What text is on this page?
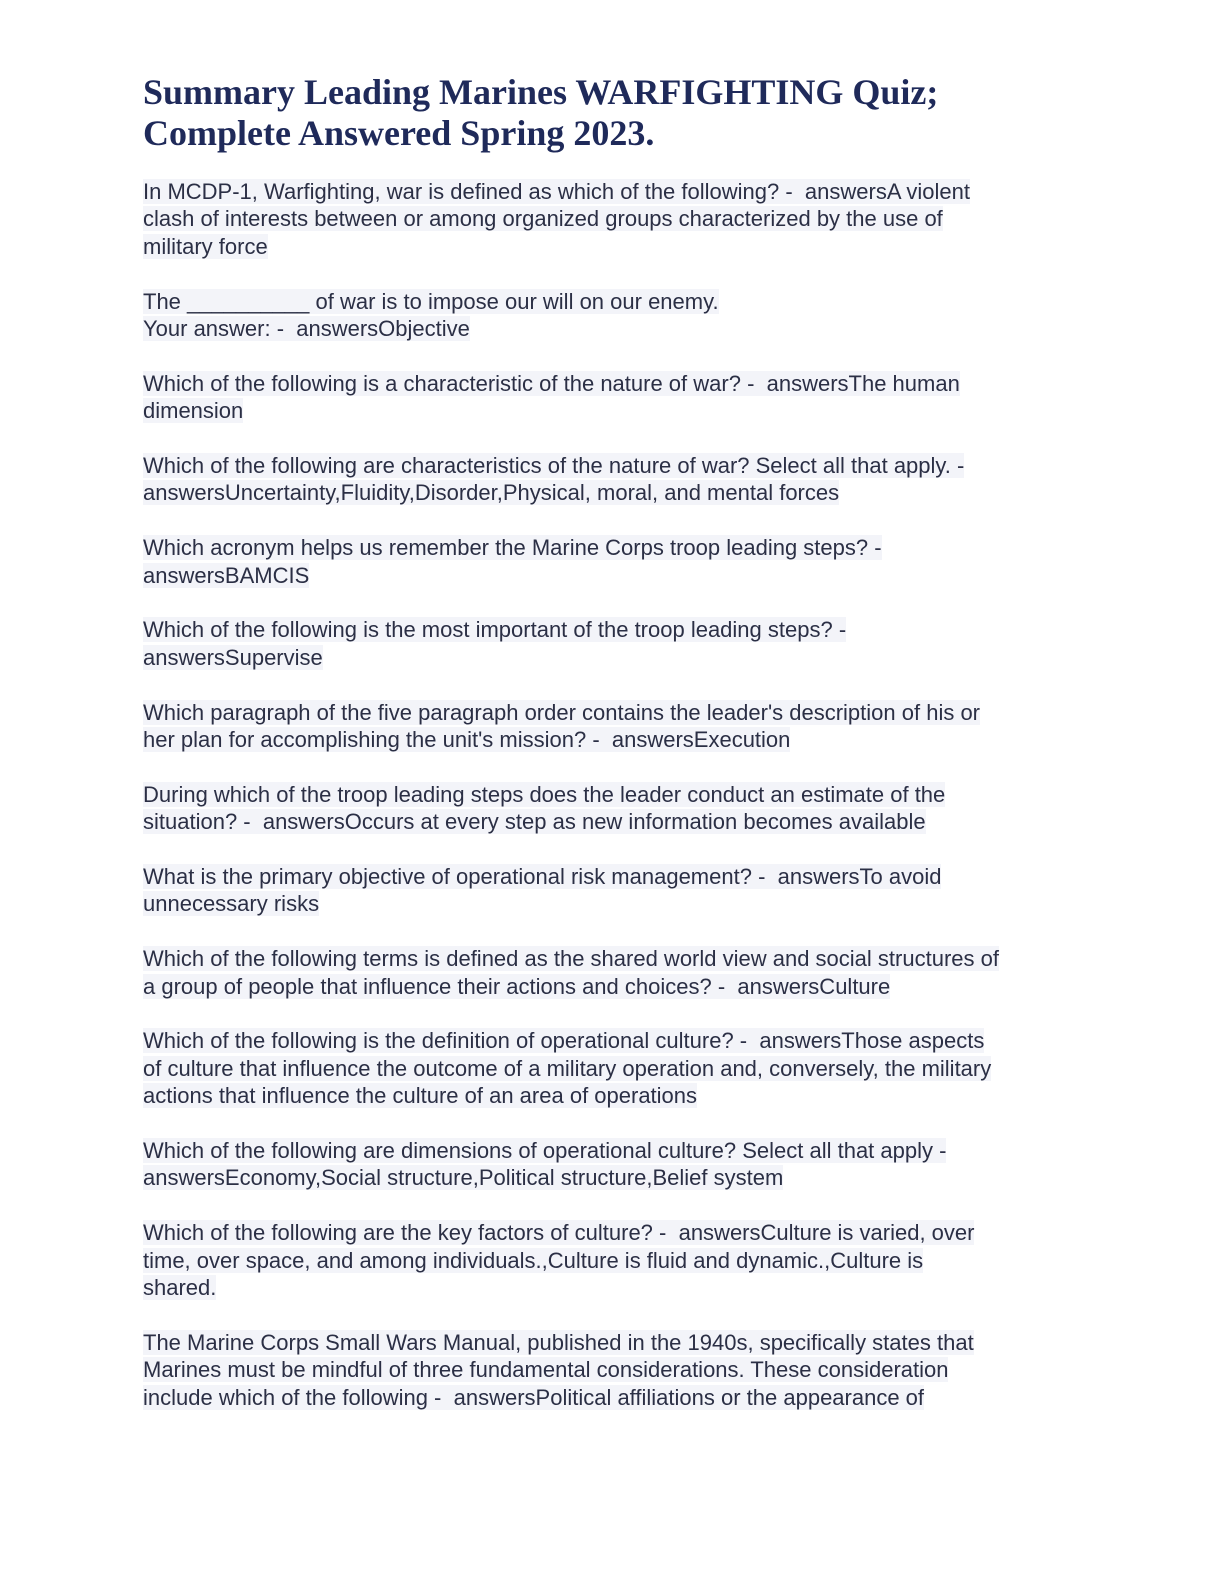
Summary Leading Marines WARFIGHTING Quiz;
Complete Answered Spring 2023.
In MCDP-1, Warfighting, war is defined as which of the following? -  answersA violent
clash of interests between or among organized groups characterized by the use of
military force
The __________ of war is to impose our will on our enemy.
Your answer: -  answersObjective
Which of the following is a characteristic of the nature of war? -  answersThe human
dimension
Which of the following are characteristics of the nature of war? Select all that apply. -
answersUncertainty,Fluidity,Disorder,Physical, moral, and mental forces
Which acronym helps us remember the Marine Corps troop leading steps? -
answersBAMCIS
Which of the following is the most important of the troop leading steps? -
answersSupervise
Which paragraph of the five paragraph order contains the leader's description of his or
her plan for accomplishing the unit's mission? -  answersExecution
During which of the troop leading steps does the leader conduct an estimate of the
situation? -  answersOccurs at every step as new information becomes available
What is the primary objective of operational risk management? -  answersTo avoid
unnecessary risks
Which of the following terms is defined as the shared world view and social structures of
a group of people that influence their actions and choices? -  answersCulture
Which of the following is the definition of operational culture? -  answersThose aspects
of culture that influence the outcome of a military operation and, conversely, the military
actions that influence the culture of an area of operations
Which of the following are dimensions of operational culture? Select all that apply -
answersEconomy,Social structure,Political structure,Belief system
Which of the following are the key factors of culture? -  answersCulture is varied, over
time, over space, and among individuals.,Culture is fluid and dynamic.,Culture is
shared.
The Marine Corps Small Wars Manual, published in the 1940s, specifically states that
Marines must be mindful of three fundamental considerations. These consideration
include which of the following -  answersPolitical affiliations or the appearance of
